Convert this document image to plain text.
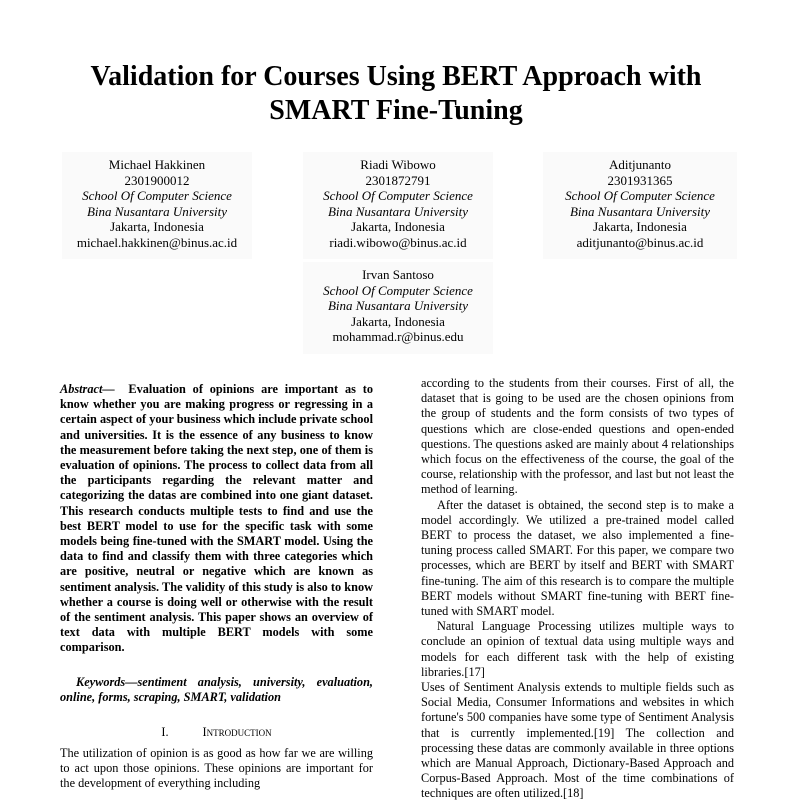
Validation for Courses Using BERT Approach with SMART Fine-Tuning
Michael Hakkinen
2301900012
School Of Computer Science
Bina Nusantara University
Jakarta, Indonesia
michael.hakkinen@binus.ac.id
Riadi Wibowo
2301872791
School Of Computer Science
Bina Nusantara University
Jakarta, Indonesia
riadi.wibowo@binus.ac.id
Aditjunanto
2301931365
School Of Computer Science
Bina Nusantara University
Jakarta, Indonesia
aditjunanto@binus.ac.id
Irvan Santoso
School Of Computer Science
Bina Nusantara University
Jakarta, Indonesia
mohammad.r@binus.edu

Abstract— Evaluation of opinions are important as to know whether you are making progress or regressing in a certain aspect of your business which include private school and universities. It is the essence of any business to know the measurement before taking the next step, one of them is evaluation of opinions. The process to collect data from all the participants regarding the relevant matter and categorizing the datas are combined into one giant dataset. This research conducts multiple tests to find and use the best BERT model to use for the specific task with some models being fine-tuned with the SMART model. Using the data to find and classify them with three categories which are positive, neutral or negative which are known as sentiment analysis. The validity of this study is also to know whether a course is doing well or otherwise with the result of the sentiment analysis. This paper shows an overview of text data with multiple BERT models with some comparison.

Keywords—sentiment analysis, university, evaluation, online, forms, scraping, SMART, validation

I.	Introduction

The utilization of opinion is as good as how far we are willing to act upon those opinions. These opinions are important for the development of everything including

according to the students from their courses. First of all, the dataset that is going to be used are the chosen opinions from the group of students and the form consists of two types of questions which are close-ended questions and open-ended questions. The questions asked are mainly about 4 relationships which focus on the effectiveness of the course, the goal of the course, relationship with the professor, and last but not least the method of learning.

After the dataset is obtained, the second step is to make a model accordingly. We utilized a pre-trained model called BERT to process the dataset, we also implemented a fine-tuning process called SMART. For this paper, we compare two processes, which are BERT by itself and BERT with SMART fine-tuning. The aim of this research is to compare the multiple BERT models without SMART fine-tuning with BERT fine-tuned with SMART model.

Natural Language Processing utilizes multiple ways to conclude an opinion of textual data using multiple ways and models for each different task with the help of existing libraries.[17]

Uses of Sentiment Analysis extends to multiple fields such as Social Media, Consumer Informations and websites in which fortune's 500 companies have some type of Sentiment Analysis that is currently implemented.[19] The collection and processing these datas are commonly available in three options which are Manual Approach, Dictionary-Based Approach and Corpus-Based Approach. Most of the time combinations of techniques are often utilized.[18]
